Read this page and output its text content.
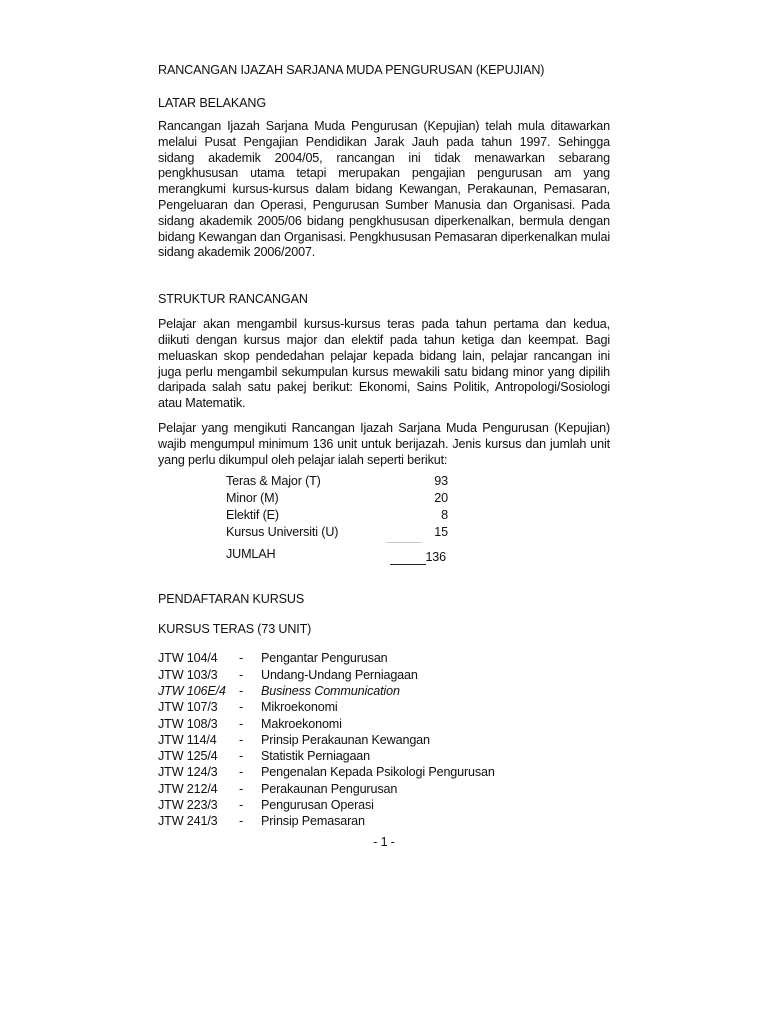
RANCANGAN IJAZAH SARJANA MUDA PENGURUSAN (KEPUJIAN)
LATAR BELAKANG

Rancangan Ijazah Sarjana Muda Pengurusan (Kepujian) telah mula ditawarkan melalui Pusat Pengajian Pendidikan Jarak Jauh pada tahun 1997. Sehingga sidang akademik 2004/05, rancangan ini tidak menawarkan sebarang pengkhususan utama tetapi merupakan pengajian pengurusan am yang merangkumi kursus-kursus dalam bidang Kewangan, Perakaunan, Pemasaran, Pengeluaran dan Operasi, Pengurusan Sumber Manusia dan Organisasi. Pada sidang akademik 2005/06 bidang pengkhususan diperkenalkan, bermula dengan bidang Kewangan dan Organisasi. Pengkhususan Pemasaran diperkenalkan mulai sidang akademik 2006/2007.

STRUKTUR RANCANGAN

Pelajar akan mengambil kursus-kursus teras pada tahun pertama dan kedua, diikuti dengan kursus major dan elektif pada tahun ketiga dan keempat. Bagi meluaskan skop pendedahan pelajar kepada bidang lain, pelajar rancangan ini juga perlu mengambil sekumpulan kursus mewakili satu bidang minor yang dipilih daripada salah satu pakej berikut: Ekonomi, Sains Politik, Antropologi/Sosiologi atau Matematik.

Pelajar yang mengikuti Rancangan Ijazah Sarjana Muda Pengurusan (Kepujian) wajib mengumpul minimum 136 unit untuk berijazah. Jenis kursus dan jumlah unit yang perlu dikumpul oleh pelajar ialah seperti berikut:

Teras & Major (T)	93
Minor (M)	20
Elektif (E)	8
Kursus Universiti (U)	15
JUMLAH	136
PENDAFTARAN KURSUS
KURSUS TERAS (73 UNIT)
JTW 104/4 - Pengantar Pengurusan
JTW 103/3 - Undang-Undang Perniagaan
JTW 106E/4 - Business Communication
JTW 107/3 - Mikroekonomi
JTW 108/3 - Makroekonomi
JTW 114/4 - Prinsip Perakaunan Kewangan
JTW 125/4 - Statistik Perniagaan
JTW 124/3 - Pengenalan Kepada Psikologi Pengurusan
JTW 212/4 - Perakaunan Pengurusan
JTW 223/3 - Pengurusan Operasi
JTW 241/3 - Prinsip Pemasaran
- 1 -
